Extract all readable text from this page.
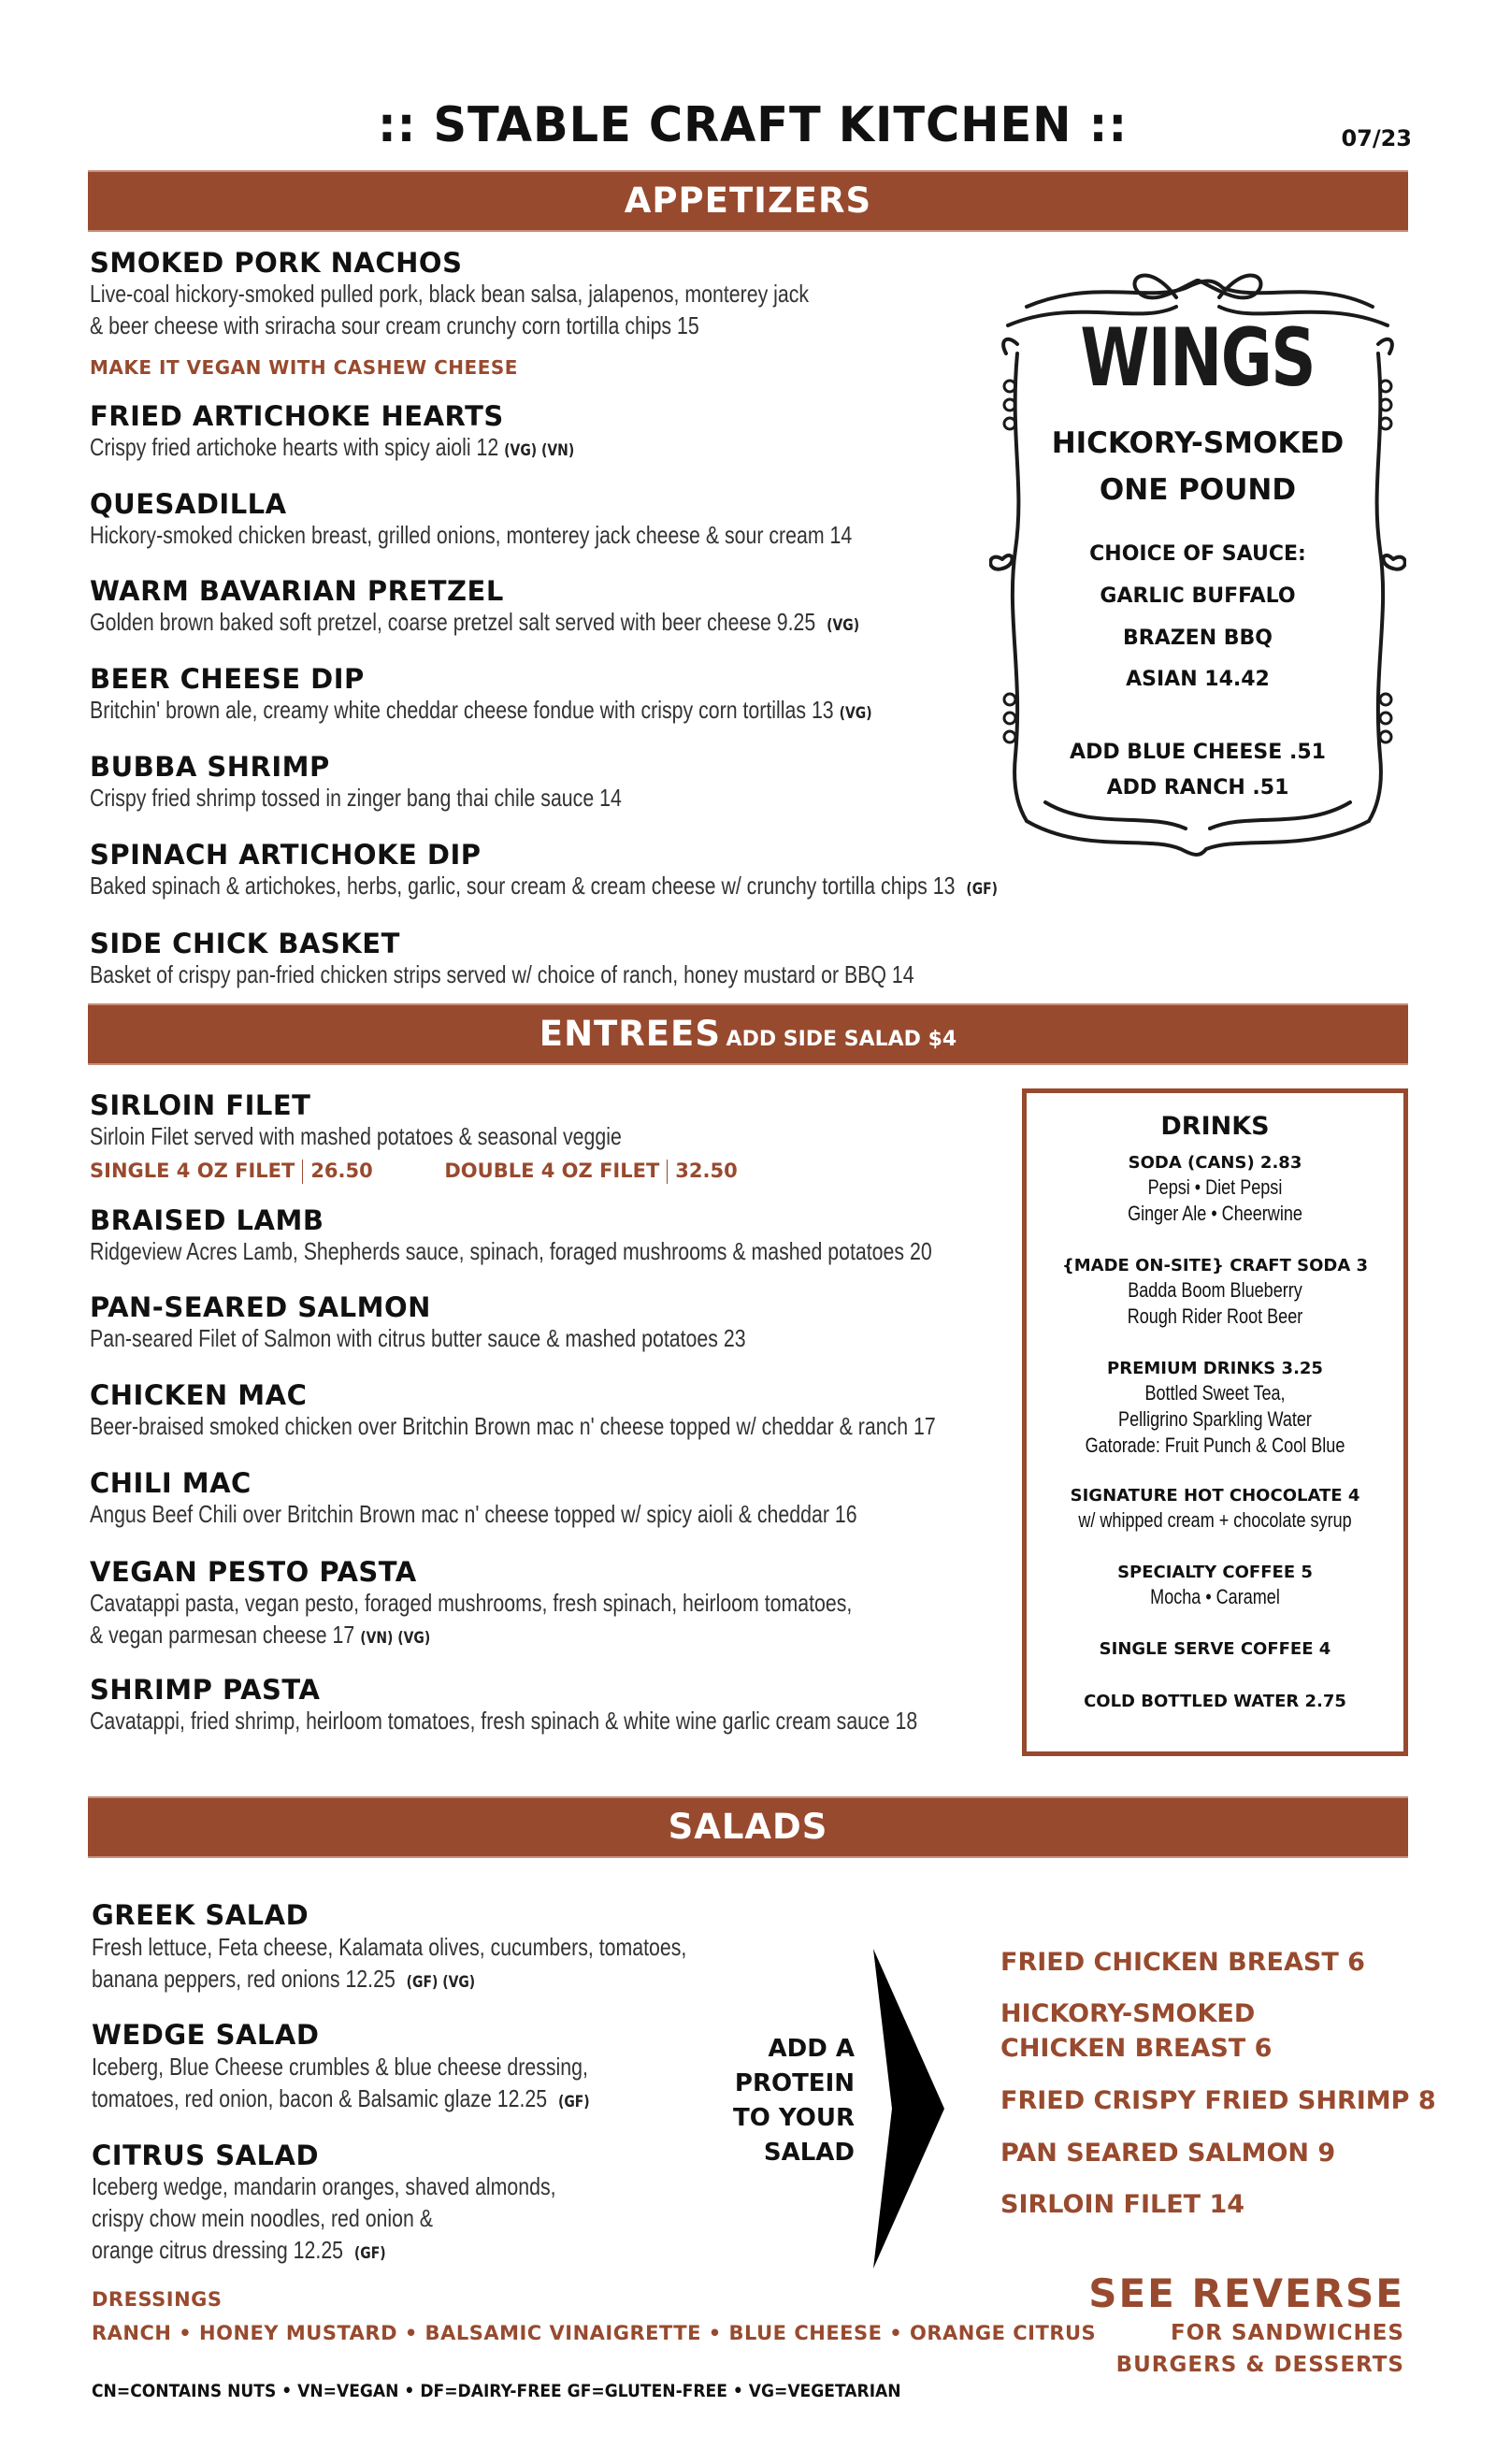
:: STABLE CRAFT KITCHEN ::	07/23
APPETIZERS
SMOKED PORK NACHOS
Live-coal hickory-smoked pulled pork, black bean salsa, jalapenos, monterey jack
& beer cheese with sriracha sour cream crunchy corn tortilla chips 15
MAKE IT VEGAN WITH CASHEW CHEESE
FRIED ARTICHOKE HEARTS
Crispy fried artichoke hearts with spicy aioli 12 (VG) (VN)
QUESADILLA
Hickory-smoked chicken breast, grilled onions, monterey jack cheese & sour cream 14
WARM BAVARIAN PRETZEL
Golden brown baked soft pretzel, coarse pretzel salt served with beer cheese 9.25 (VG)
BEER CHEESE DIP
Britchin' brown ale, creamy white cheddar cheese fondue with crispy corn tortillas 13 (VG)
BUBBA SHRIMP
Crispy fried shrimp tossed in zinger bang thai chile sauce 14
SPINACH ARTICHOKE DIP
Baked spinach & artichokes, herbs, garlic, sour cream & cream cheese w/ crunchy tortilla chips 13 (GF)
SIDE CHICK BASKET
Basket of crispy pan-fried chicken strips served w/ choice of ranch, honey mustard or BBQ 14
WINGS
HICKORY-SMOKED
ONE POUND
CHOICE OF SAUCE:
GARLIC BUFFALO
BRAZEN BBQ
ASIAN 14.42
ADD BLUE CHEESE .51
ADD RANCH .51
ENTREES ADD SIDE SALAD $4
SIRLOIN FILET
Sirloin Filet served with mashed potatoes & seasonal veggie
SINGLE 4 OZ FILET 26.50	DOUBLE 4 OZ FILET 32.50
BRAISED LAMB
Ridgeview Acres Lamb, Shepherds sauce, spinach, foraged mushrooms & mashed potatoes 20
PAN-SEARED SALMON
Pan-seared Filet of Salmon with citrus butter sauce & mashed potatoes 23
CHICKEN MAC
Beer-braised smoked chicken over Britchin Brown mac n' cheese topped w/ cheddar & ranch 17
CHILI MAC
Angus Beef Chili over Britchin Brown mac n' cheese topped w/ spicy aioli & cheddar 16
VEGAN PESTO PASTA
Cavatappi pasta, vegan pesto, foraged mushrooms, fresh spinach, heirloom tomatoes,
& vegan parmesan cheese 17 (VN) (VG)
SHRIMP PASTA
Cavatappi, fried shrimp, heirloom tomatoes, fresh spinach & white wine garlic cream sauce 18
DRINKS
SODA (CANS) 2.83
Pepsi • Diet Pepsi
Ginger Ale • Cheerwine
{MADE ON-SITE} CRAFT SODA 3
Badda Boom Blueberry
Rough Rider Root Beer
PREMIUM DRINKS 3.25
Bottled Sweet Tea,
Pelligrino Sparkling Water
Gatorade: Fruit Punch & Cool Blue
SIGNATURE HOT CHOCOLATE 4
w/ whipped cream + chocolate syrup
SPECIALTY COFFEE 5
Mocha • Caramel
SINGLE SERVE COFFEE 4
COLD BOTTLED WATER 2.75
SALADS
GREEK SALAD
Fresh lettuce, Feta cheese, Kalamata olives, cucumbers, tomatoes,
banana peppers, red onions 12.25 (GF) (VG)
WEDGE SALAD
Iceberg, Blue Cheese crumbles & blue cheese dressing,
tomatoes, red onion, bacon & Balsamic glaze 12.25 (GF)
CITRUS SALAD
Iceberg wedge, mandarin oranges, shaved almonds,
crispy chow mein noodles, red onion &
orange citrus dressing 12.25 (GF)
ADD A
PROTEIN
TO YOUR
SALAD
FRIED CHICKEN BREAST 6
HICKORY-SMOKED
CHICKEN BREAST 6
FRIED CRISPY FRIED SHRIMP 8
PAN SEARED SALMON 9
SIRLOIN FILET 14
DRESSINGS
RANCH • HONEY MUSTARD • BALSAMIC VINAIGRETTE • BLUE CHEESE • ORANGE CITRUS
SEE REVERSE
FOR SANDWICHES
BURGERS & DESSERTS
CN=CONTAINS NUTS • VN=VEGAN • DF=DAIRY-FREE GF=GLUTEN-FREE • VG=VEGETARIAN
